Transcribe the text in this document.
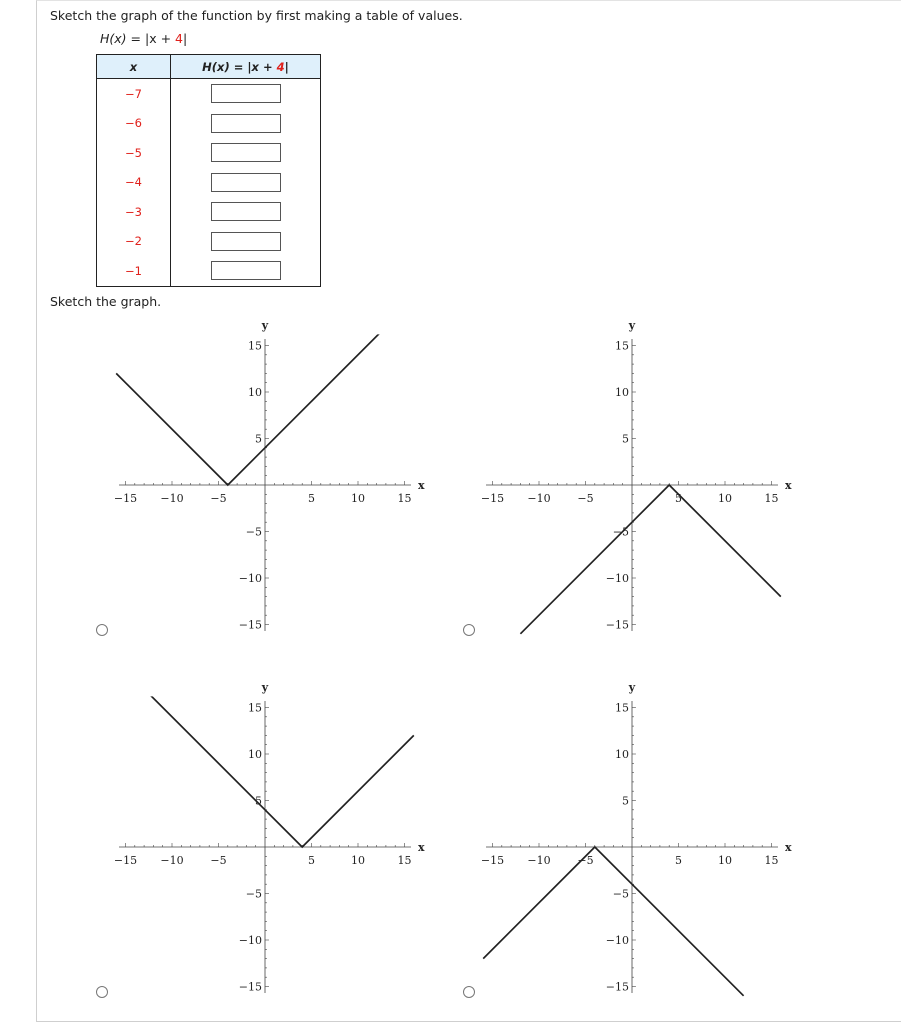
Sketch the graph of the function by first making a table of values.
H(x) = |x + 4|
x	H(x) = |x + 4|
−7	
−6	
−5	
−4	
−3	
−2	
−1	
Sketch the graph.
−15 −10 −5	5	10	15
15
10
5
−5
−10
−15
x
y
−15 −10 −5	5	10	15
15
10
5
−5
−10
−15
x
y
−15 −10 −5	5	10	15
15
10
5
−5
−10
−15
x
y
−15 −10 −5	5	10	15
15
10
5
−5
−10
−15
x
y
